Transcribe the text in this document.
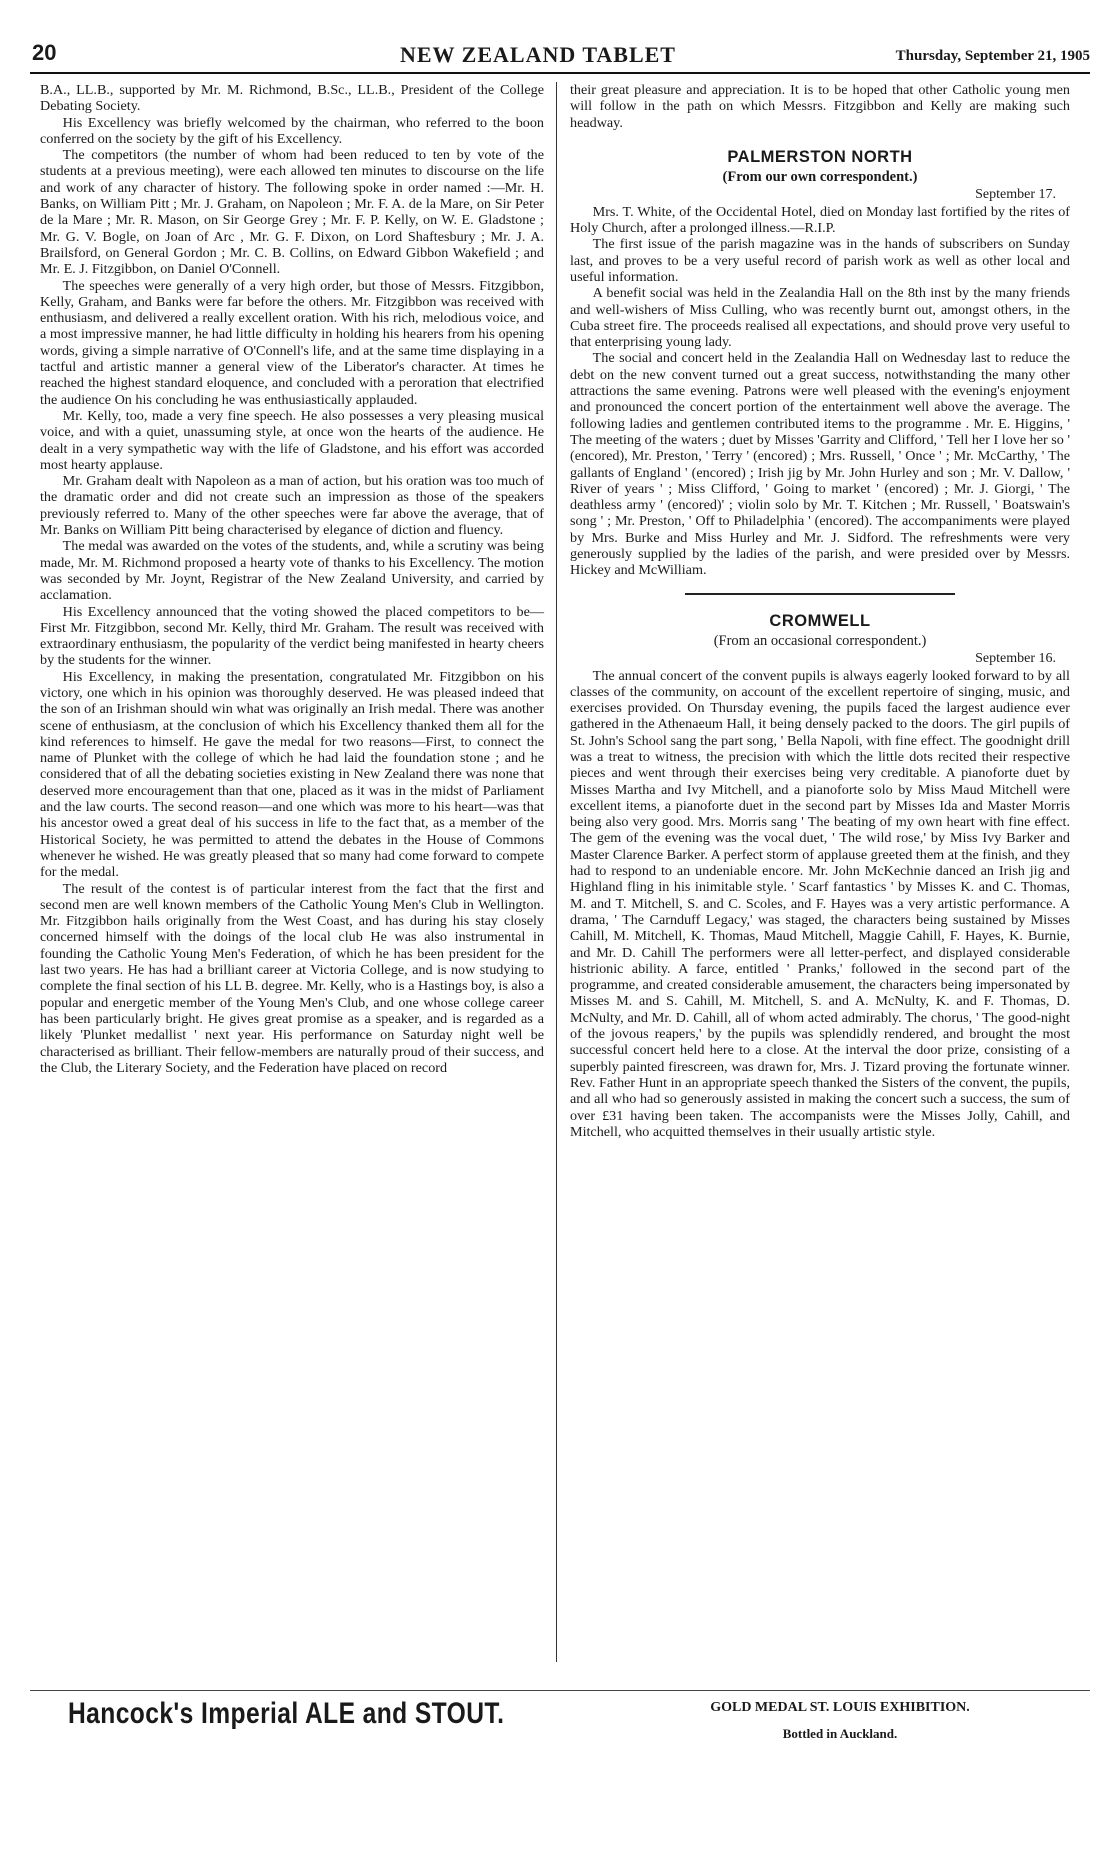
20	NEW ZEALAND TABLET	Thursday, September 21, 1905

B.A., LL.B., supported by Mr. M. Richmond, B.Sc., LL.B., President of the College Debating Society.

His Excellency was briefly welcomed by the chairman, who referred to the boon conferred on the society by the gift of his Excellency.

The competitors (the number of whom had been reduced to ten by vote of the students at a previous meeting), were each allowed ten minutes to discourse on the life and work of any character of history. The following spoke in order named :—Mr. H. Banks, on William Pitt ; Mr. J. Graham, on Napoleon ; Mr. F. A. de la Mare, on Sir Peter de la Mare ; Mr. R. Mason, on Sir George Grey ; Mr. F. P. Kelly, on W. E. Gladstone ; Mr. G. V. Bogle, on Joan of Arc , Mr. G. F. Dixon, on Lord Shaftesbury ; Mr. J. A. Brailsford, on General Gordon ; Mr. C. B. Collins, on Edward Gibbon Wakefield ; and Mr. E. J. Fitzgibbon, on Daniel O'Connell.

The speeches were generally of a very high order, but those of Messrs. Fitzgibbon, Kelly, Graham, and Banks were far before the others. Mr. Fitzgibbon was received with enthusiasm, and delivered a really excellent oration. With his rich, melodious voice, and a most impressive manner, he had little difficulty in holding his hearers from his opening words, giving a simple narrative of O'Connell's life, and at the same time displaying in a tactful and artistic manner a general view of the Liberator's character. At times he reached the highest standard eloquence, and concluded with a peroration that electrified the audience On his concluding he was enthusiastically applauded.

Mr. Kelly, too, made a very fine speech. He also possesses a very pleasing musical voice, and with a quiet, unassuming style, at once won the hearts of the audience. He dealt in a very sympathetic way with the life of Gladstone, and his effort was accorded most hearty applause.

Mr. Graham dealt with Napoleon as a man of action, but his oration was too much of the dramatic order and did not create such an impression as those of the speakers previously referred to. Many of the other speeches were far above the average, that of Mr. Banks on William Pitt being characterised by elegance of diction and fluency.

The medal was awarded on the votes of the students, and, while a scrutiny was being made, Mr. M. Richmond proposed a hearty vote of thanks to his Excellency. The motion was seconded by Mr. Joynt, Registrar of the New Zealand University, and carried by acclamation.

His Excellency announced that the voting showed the placed competitors to be—First Mr. Fitzgibbon, second Mr. Kelly, third Mr. Graham. The result was received with extraordinary enthusiasm, the popularity of the verdict being manifested in hearty cheers by the students for the winner.

His Excellency, in making the presentation, congratulated Mr. Fitzgibbon on his victory, one which in his opinion was thoroughly deserved. He was pleased indeed that the son of an Irishman should win what was originally an Irish medal. There was another scene of enthusiasm, at the conclusion of which his Excellency thanked them all for the kind references to himself. He gave the medal for two reasons—First, to connect the name of Plunket with the college of which he had laid the foundation stone ; and he considered that of all the debating societies existing in New Zealand there was none that deserved more encouragement than that one, placed as it was in the midst of Parliament and the law courts. The second reason—and one which was more to his heart—was that his ancestor owed a great deal of his success in life to the fact that, as a member of the Historical Society, he was permitted to attend the debates in the House of Commons whenever he wished. He was greatly pleased that so many had come forward to compete for the medal.

The result of the contest is of particular interest from the fact that the first and second men are well known members of the Catholic Young Men's Club in Wellington. Mr. Fitzgibbon hails originally from the West Coast, and has during his stay closely concerned himself with the doings of the local club He was also instrumental in founding the Catholic Young Men's Federation, of which he has been president for the last two years. He has had a brilliant career at Victoria College, and is now studying to complete the final section of his LL B. degree. Mr. Kelly, who is a Hastings boy, is also a popular and energetic member of the Young Men's Club, and one whose college career has been particularly bright. He gives great promise as a speaker, and is regarded as a likely 'Plunket medallist ' next year. His performance on Saturday night well be characterised as brilliant. Their fellow-members are naturally proud of their success, and the Club, the Literary Society, and the Federation have placed on record

their great pleasure and appreciation. It is to be hoped that other Catholic young men will follow in the path on which Messrs. Fitzgibbon and Kelly are making such headway.

PALMERSTON NORTH
(From our own correspondent.)
September 17.

Mrs. T. White, of the Occidental Hotel, died on Monday last fortified by the rites of Holy Church, after a prolonged illness.—R.I.P.

The first issue of the parish magazine was in the hands of subscribers on Sunday last, and proves to be a very useful record of parish work as well as other local and useful information.

A benefit social was held in the Zealandia Hall on the 8th inst by the many friends and well-wishers of Miss Culling, who was recently burnt out, amongst others, in the Cuba street fire. The proceeds realised all expectations, and should prove very useful to that enterprising young lady.

The social and concert held in the Zealandia Hall on Wednesday last to reduce the debt on the new convent turned out a great success, notwithstanding the many other attractions the same evening. Patrons were well pleased with the evening's enjoyment and pronounced the concert portion of the entertainment well above the average. The following ladies and gentlemen contributed items to the programme . Mr. E. Higgins, ' The meeting of the waters ; duet by Misses 'Garrity and Clifford, ' Tell her I love her so ' (encored), Mr. Preston, ' Terry ' (encored) ; Mrs. Russell, ' Once ' ; Mr. McCarthy, ' The gallants of England ' (encored) ; Irish jig by Mr. John Hurley and son ; Mr. V. Dallow, ' River of years ' ; Miss Clifford, ' Going to market ' (encored) ; Mr. J. Giorgi, ' The deathless army ' (encored)' ; violin solo by Mr. T. Kitchen ; Mr. Russell, ' Boatswain's song ' ; Mr. Preston, ' Off to Philadelphia ' (encored). The accompaniments were played by Mrs. Burke and Miss Hurley and Mr. J. Sidford. The refreshments were very generously supplied by the ladies of the parish, and were presided over by Messrs. Hickey and McWilliam.

CROMWELL
(From an occasional correspondent.)
September 16.

The annual concert of the convent pupils is always eagerly looked forward to by all classes of the community, on account of the excellent repertoire of singing, music, and exercises provided. On Thursday evening, the pupils faced the largest audience ever gathered in the Athenaeum Hall, it being densely packed to the doors. The girl pupils of St. John's School sang the part song, ' Bella Napoli, with fine effect. The goodnight drill was a treat to witness, the precision with which the little dots recited their respective pieces and went through their exercises being very creditable. A pianoforte duet by Misses Martha and Ivy Mitchell, and a pianoforte solo by Miss Maud Mitchell were excellent items, a pianoforte duet in the second part by Misses Ida and Master Morris being also very good. Mrs. Morris sang ' The beating of my own heart with fine effect. The gem of the evening was the vocal duet, ' The wild rose,' by Miss Ivy Barker and Master Clarence Barker. A perfect storm of applause greeted them at the finish, and they had to respond to an undeniable encore. Mr. John McKechnie danced an Irish jig and Highland fling in his inimitable style. ' Scarf fantastics ' by Misses K. and C. Thomas, M. and T. Mitchell, S. and C. Scoles, and F. Hayes was a very artistic performance. A drama, ' The Carnduff Legacy,' was staged, the characters being sustained by Misses Cahill, M. Mitchell, K. Thomas, Maud Mitchell, Maggie Cahill, F. Hayes, K. Burnie, and Mr. D. Cahill The performers were all letter-perfect, and displayed considerable histrionic ability. A farce, entitled ' Pranks,' followed in the second part of the programme, and created considerable amusement, the characters being impersonated by Misses M. and S. Cahill, M. Mitchell, S. and A. McNulty, K. and F. Thomas, D. McNulty, and Mr. D. Cahill, all of whom acted admirably. The chorus, ' The good-night of the jovous reapers,' by the pupils was splendidly rendered, and brought the most successful concert held here to a close. At the interval the door prize, consisting of a superbly painted firescreen, was drawn for, Mrs. J. Tizard proving the fortunate winner. Rev. Father Hunt in an appropriate speech thanked the Sisters of the convent, the pupils, and all who had so generously assisted in making the concert such a success, the sum of over £31 having been taken. The accompanists were the Misses Jolly, Cahill, and Mitchell, who acquitted themselves in their usually artistic style.

Hancock's Imperial ALE and STOUT.	GOLD MEDAL ST. LOUIS EXHIBITION.
Bottled in Auckland.
